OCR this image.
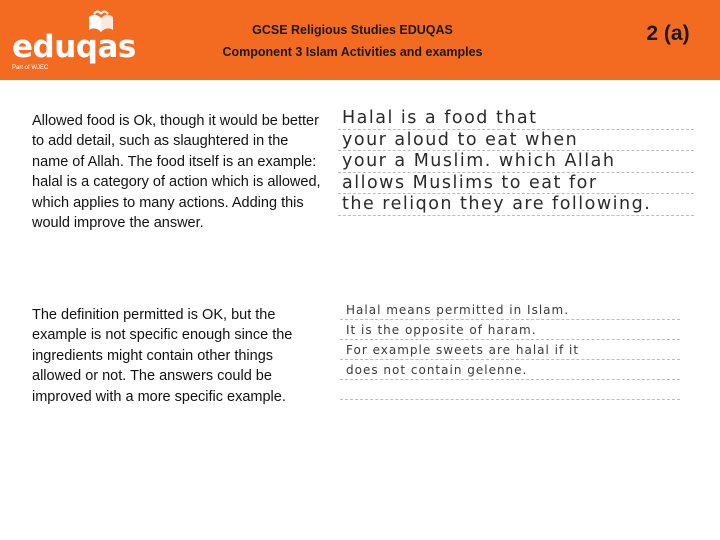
eduqas
Part of WJEC
GCSE Religious Studies EDUQAS
Component 3 Islam Activities and examples
2 (a)
Allowed food is Ok, though it would be better to add detail, such as slaughtered in the name of Allah. The food itself is an example: halal is a category of action which is allowed, which applies to many actions. Adding this would improve the answer.
The definition permitted is OK, but the example is not specific enough since the ingredients might contain other things allowed or not. The answers could be improved with a more specific example.
Halal is a food that
your aloud to eat when
your a Muslim. which Allah
allows Muslims to eat for
the reliqon they are following.
Halal means permitted in Islam.
It is the opposite of haram.
For example sweets are halal if it
does not contain gelenne.
